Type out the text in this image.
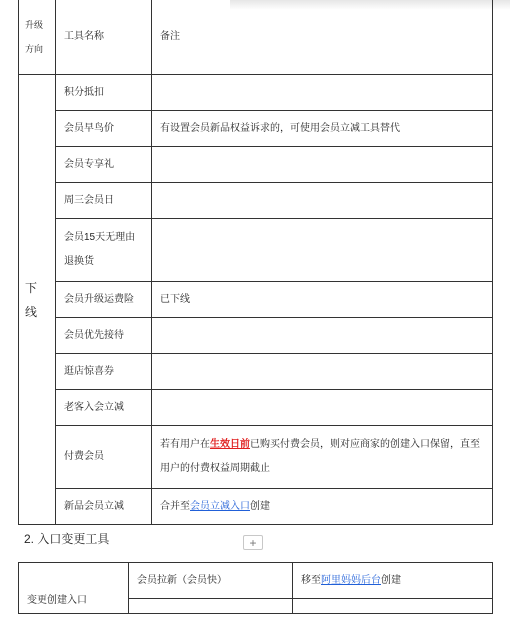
升级方向	工具名称	备注
下线	积分抵扣	
	会员早鸟价	有设置会员新品权益诉求的，可使用会员立减工具替代
	会员专享礼	
	周三会员日	
	会员15天无理由退换货	
	会员升级运费险	已下线
	会员优先接待	
	逛店惊喜券	
	老客入会立减	
	付费会员	若有用户在生效日前已购买付费会员，则对应商家的创建入口保留，直至用户的付费权益周期截止
	新品会员立减	合并至会员立减入口创建
2. 入口变更工具	+
变更创建入口	会员拉新（会员快）	移至阿里妈妈后台创建
